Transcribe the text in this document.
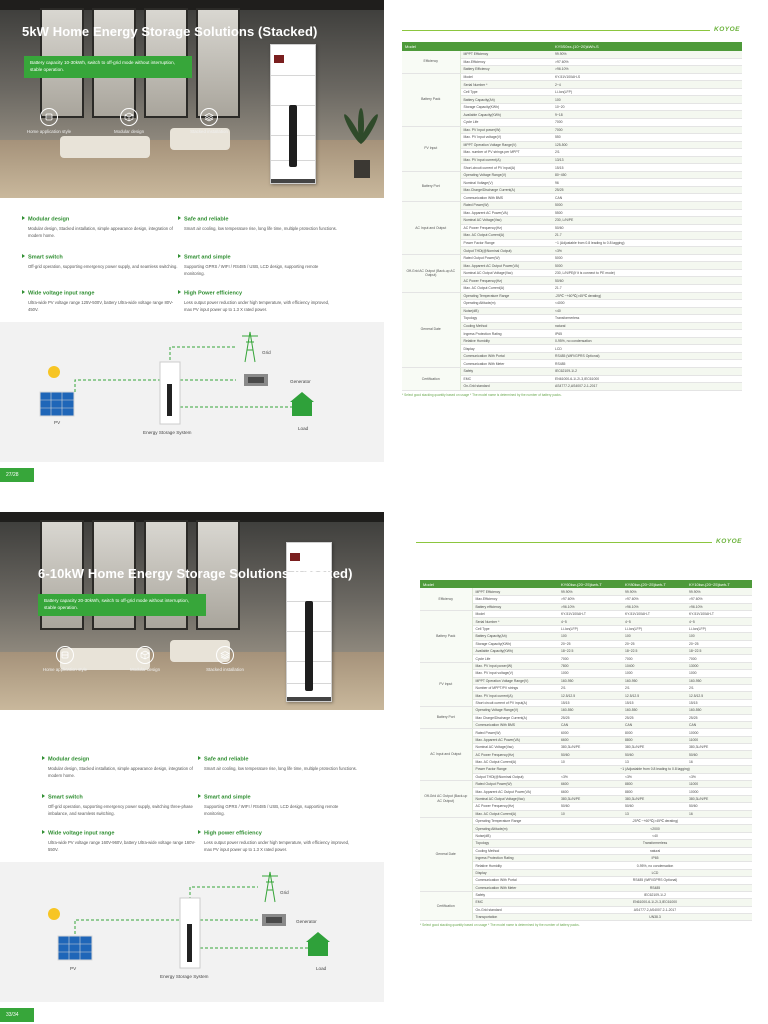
5kW Home Energy Storage Solutions (Stacked)
Battery capacity 10-30kWh, switch to off-grid mode without interruption, stable operation.
Home application style	Modular design	Stacked installation
Modular design
Modular design, Stacked installation, simple appearance design, integration of modern home.
Safe and reliable
Smart air cooling, low temperature rise, long life time, multiple protection functions.
Smart switch
Off-grid operation, supporting emergency power supply, and seamless switching.
Smart and simple
Supporting GPRS / WIFI / RS485 / USB, LCD design, supporting remote monitoring.
Wide voltage input range
Ultra-wide PV voltage range 125V-500V, battery Ultra-wide voltage range 80V-450V.
High Power efficiency
Less output power reduction under high temperature, with efficiency improved, max PV input power up to 1.3 X rated power.
Grid
Generator
PV
Energy Storage System
Load
27/28
KOYOE
Model		KY5S0xx-(10~20)kWh-S
Efficiency	MPPT Efficiency	99.90%
	Max.Efficiency	>97.60%
	Battery Efficiency	>96.10%
Battery Pack	Model	KY-51V100AH-S
	Serial Number *	2~4
	Cell Type	Li-Ion(LFP)
	Battery Capacity(Ah)	100
	Storage Capacity(KWh)	10~20
	Available Capacity(KWh)	9~18
	Cycle Life	7000
PV Input	Max. PV Input power(W)	7000
	Max. PV Input voltage(V)	550
	MPPT Operation Voltage Range(V)	125-500
	Max. number of PV strings per MPPT	2/1
	Max. PV input current(A)	13/13
	Short-circuit current of PV input(A)	15/15
Battery Port	Operating Voltage Range(V)	80~450
	Nominal Voltage(V)	96
	Max.Charge/Discharge Current(A)	25/25
	Communication With BMS	CAN
AC Input and Output	Rated Power(W)	5000
	Max. Apparent AC Power(VA)	5500
	Nominal AC Voltage(Vac)	230, L/N/PE
	AC Power Frequency(Hz)	50/60
	Max. AC Output Current(A)	21.7
	Power Factor Range	~1 (Adjustable from 0.8 leading to 0.8 lagging)
	Output THDi(@Nominal Output)	<3%
Off-Grid AC Output (Back-up AC Output)	Rated Output Power(W)	5000
	Max. Apparent AC Output Power(VA)	5000
	Nominal AC Output Voltage(Vac)	230, L/N/PE(If it is connect to PE mode)
	AC Power Frequency(Hz)	50/60
	Max. AC Output Current(A)	21.7
General Date	Operating Temperature Range	-25℃ ~+60℃(>45℃ derating)
	Operating Altitude(m)	<4000
	Noise(dB)	<40
	Topology	Transformerless
	Cooling Method	natural
	Ingress Protection Rating	IP65
	Relative Humidity	0-95%, no condensation
	Display	LCD
	Communication With Portal	RS485 (WiFi/GPRS Optional)
	Communication With Meter	RS485
Certification	Safety	IEC62109-1/-2
	EMC	EN61000-6-1/-2/-3,IEC61000
	On-Grid standard	AS4777.2,AS4007.2-1-2017
* Select good stacking quantity based on usage * The model name is determined by the number of battery packs.
6-10kW Home Energy Storage Solutions (Stacked)
Battery capacity 20-30kWh, switch to off-grid mode without interruption, stable operation.
Home application style	Modular design	Stacked installation
Modular design
Modular design, Stacked installation, simple appearance design, integration of modern home.
Safe and reliable
Smart air cooling, low temperature rise, long life time, multiple protection functions.
Smart switch
Off-grid operation, supporting emergency power supply, switching three-phase imbalance, and seamless switching.
Smart and simple
Supporting GPRS / WIFI / RS485 / USB, LCD design, supporting remote monitoring.
Wide voltage input range
Ultra-wide PV voltage range 160V-960V, battery Ultra-wide voltage range 160V-550V.
High power efficiency
Less output power reduction under high temperature, with efficiency improved, max PV input power up to 1.3 X rated power.
Grid
Generator
PV
Energy Storage System
Load
33/34
KOYOE
Model		KY60kw-(20~25)kwh-T	KY80kw-(20~25)kwh-T	KY10kw-(20~25)kwh-T
Efficiency	MPPT Efficiency	99.90%	99.90%	99.90%
	Max.Efficiency	>97.60%	>97.60%	>97.60%
	Battery efficiency	>96.10%	>96.10%	>96.10%
Battery Pack	Model	KY-51V100AH-T	KY-51V100AH-T	KY-51V100AH-T
	Serial Number *	4~5	4~5	4~5
	Cell Type	Li-Ion(LFP)	Li-Ion(LFP)	Li-Ion(LFP)
	Battery Capacity(Ah)	100	100	100
	Storage Capacity(KWh)	20~25	20~25	20~25
	Available Capacity(KWh)	18~22.5	18~22.5	18~22.5
	Cycle Life	7000	7000	7000
PV Input	Max. PV input power(W)	7800	10400	13000
	Max. PV input voltage(V)	1000	1000	1000
	MPPT Operation Voltage Range(V)	160-950	160-950	160-950
	Number of MPPT/PV strings	2/1	2/1	2/1
	Max. PV input current(A)	12.5/12.5	12.5/12.5	12.5/12.5
	Short circuit current of PV input(A)	15/15	15/15	15/15
Battery Port	Operating Voltage Range(V)	160-550	160-550	160-550
	Max Charge/Discharge Current(A)	25/25	25/25	25/25
	Communication With BMS	CAN	CAN	CAN
AC Input and Output	Rated Power(W)	6000	8000	10000
	Max. Apparent AC Power(VA)	6600	8800	11000
	Nominal AC Voltage(Vac)	380,3L/N/PE	380,3L/N/PE	380,3L/N/PE
	AC Power Frequency(Hz)	50/60	50/60	50/60
	Max. AC Output Current(A)	10	13	16
	Power Factor Range	~1 (Adjustable from 0.8 leading to 0.8 lagging)		
	Output THDi(@Nominal Output)	<3%	<3%	<3%
Off-Grid AC Output (Back-up AC Output)	Rated Output Power(W)	6600	8800	11000
	Max. Apparent AC Output Power(VA)	6600	8800	10000
	Nominal AC Output Voltage(Vac)	380,3L/N/PE	380,3L/N/PE	380,3L/N/PE
	AC Power Frequency(Hz)	50/60	50/60	50/60
	Max. AC Output Current(A)	10	13	16
General Date	Operating Temperature Range	-25℃ ~+60℃(>45℃ derating)		
	Operating Altitude(m)	<2000		
	Noise(dB)	<40		
	Topology	Transformerless		
	Cooling Method	natural		
	Ingress Protection Rating	IP65		
	Relative Humidity	0-95%, no condensation		
	Display	LCD		
	Communication With Portal	RS485 (WiFi/GPRS Optional)		
	Communication With Meter	RS485		
Certification	Safety	IEC62109-1/-2		
	EMC	EN61000-6-1/-2/-3,IEC61000		
	On-Grid standard	AS4777.2,AS4007.2-1-2017		
	Transportation	UN38.3		
* Select good stacking quantity based on usage * The model name is determined by the number of battery packs.
